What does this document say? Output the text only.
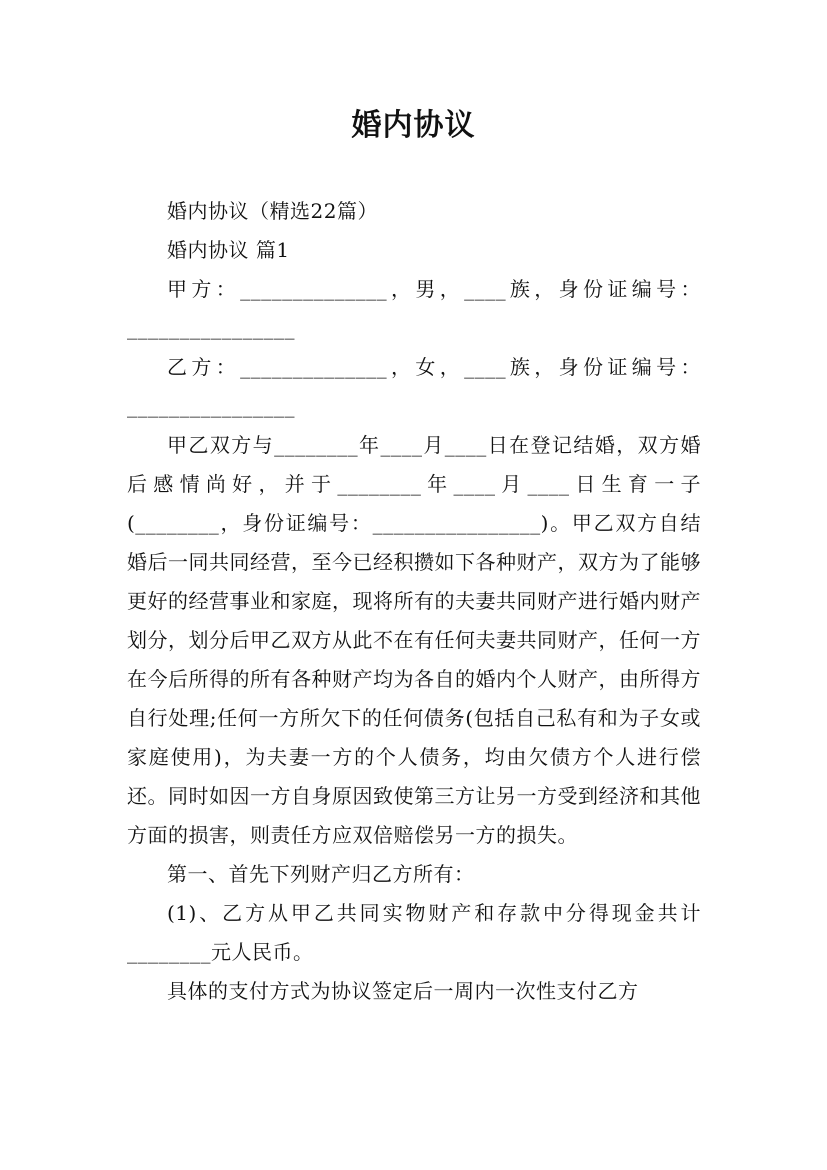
婚内协议

婚内协议（精选22篇）

婚内协议 篇1

甲方：______________，男，____族，身份证编号：________________

乙方：______________，女，____族，身份证编号：________________

甲乙双方与________年____月____日在登记结婚，双方婚后感情尚好，并于________年____月____日生育一子(________，身份证编号：________________)。甲乙双方自结婚后一同共同经营，至今已经积攒如下各种财产，双方为了能够更好的经营事业和家庭，现将所有的夫妻共同财产进行婚内财产划分，划分后甲乙双方从此不在有任何夫妻共同财产，任何一方在今后所得的所有各种财产均为各自的婚内个人财产，由所得方自行处理;任何一方所欠下的任何债务(包括自己私有和为子女或家庭使用)，为夫妻一方的个人债务，均由欠债方个人进行偿还。同时如因一方自身原因致使第三方让另一方受到经济和其他方面的损害，则责任方应双倍赔偿另一方的损失。

第一、首先下列财产归乙方所有：

(1)、乙方从甲乙共同实物财产和存款中分得现金共计________元人民币。

具体的支付方式为协议签定后一周内一次性支付乙方
